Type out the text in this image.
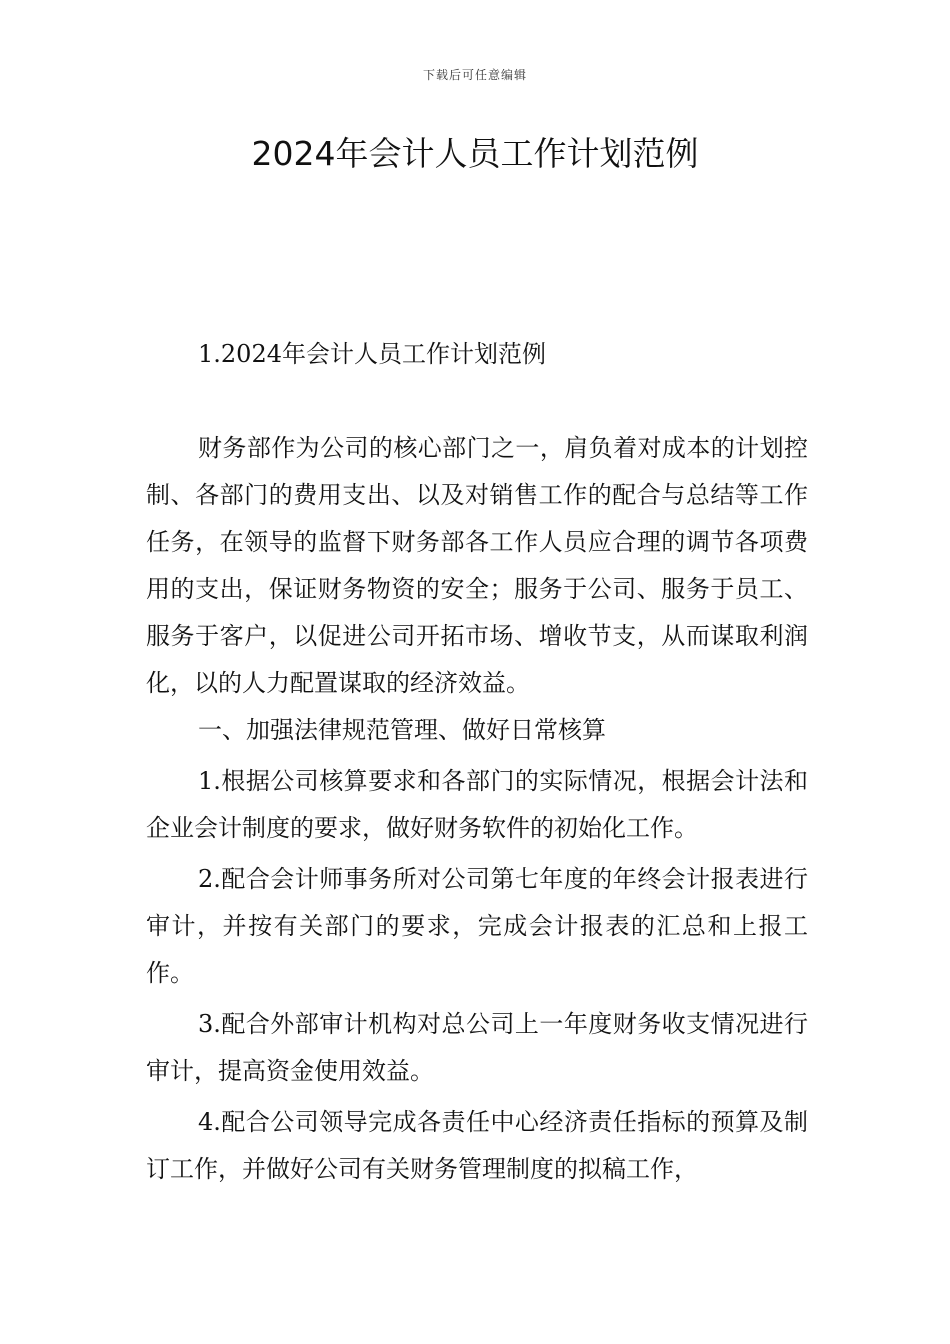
下载后可任意编辑
2024年会计人员工作计划范例
1.2024年会计人员工作计划范例

财务部作为公司的核心部门之一，肩负着对成本的计划控制、各部门的费用支出、以及对销售工作的配合与总结等工作任务，在领导的监督下财务部各工作人员应合理的调节各项费用的支出，保证财务物资的安全；服务于公司、服务于员工、服务于客户，以促进公司开拓市场、增收节支，从而谋取利润化，以的人力配置谋取的经济效益。

一、加强法律规范管理、做好日常核算

1.根据公司核算要求和各部门的实际情况，根据会计法和企业会计制度的要求，做好财务软件的初始化工作。

2.配合会计师事务所对公司第七年度的年终会计报表进行审计，并按有关部门的要求，完成会计报表的汇总和上报工作。

3.配合外部审计机构对总公司上一年度财务收支情况进行审计，提高资金使用效益。

4.配合公司领导完成各责任中心经济责任指标的预算及制订工作，并做好公司有关财务管理制度的拟稿工作，
